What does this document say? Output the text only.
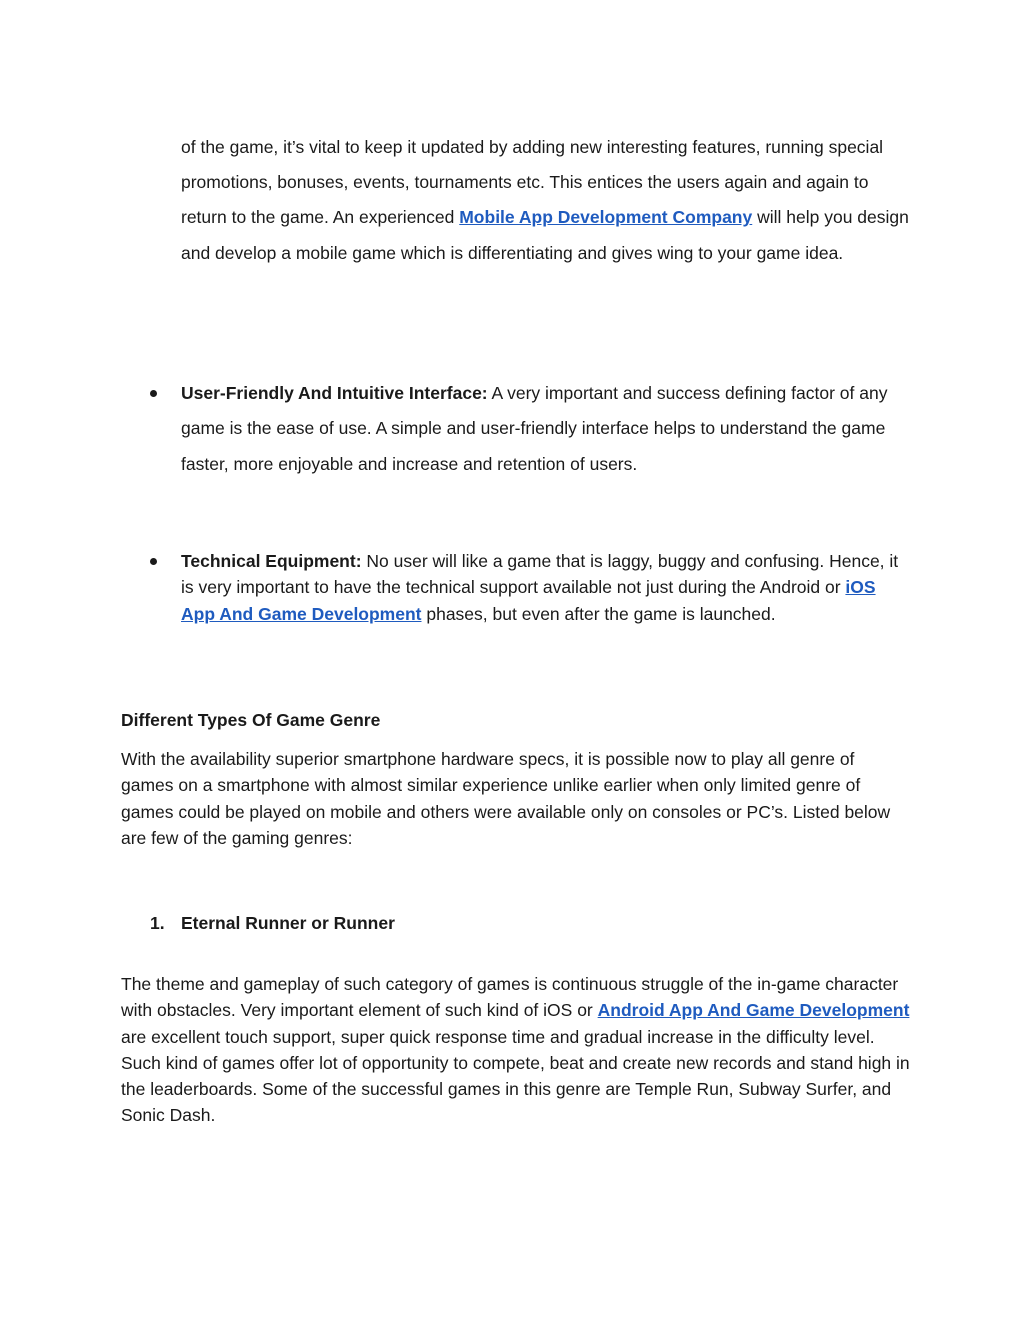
of the game, it’s vital to keep it updated by adding new interesting features, running special promotions, bonuses, events, tournaments etc. This entices the users again and again to return to the game. An experienced Mobile App Development Company will help you design and develop a mobile game which is differentiating and gives wing to your game idea.

User-Friendly And Intuitive Interface: A very important and success defining factor of any game is the ease of use. A simple and user-friendly interface helps to understand the game faster, more enjoyable and increase and retention of users.
Technical Equipment: No user will like a game that is laggy, buggy and confusing. Hence, it is very important to have the technical support available not just during the Android or iOS App And Game Development phases, but even after the game is launched.
Different Types Of Game Genre

With the availability superior smartphone hardware specs, it is possible now to play all genre of games on a smartphone with almost similar experience unlike earlier when only limited genre of games could be played on mobile and others were available only on consoles or PC’s. Listed below are few of the gaming genres:

1. Eternal Runner or Runner

The theme and gameplay of such category of games is continuous struggle of the in-game character with obstacles. Very important element of such kind of iOS or Android App And Game Development are excellent touch support, super quick response time and gradual increase in the difficulty level. Such kind of games offer lot of opportunity to compete, beat and create new records and stand high in the leaderboards. Some of the successful games in this genre are Temple Run, Subway Surfer, and Sonic Dash.
